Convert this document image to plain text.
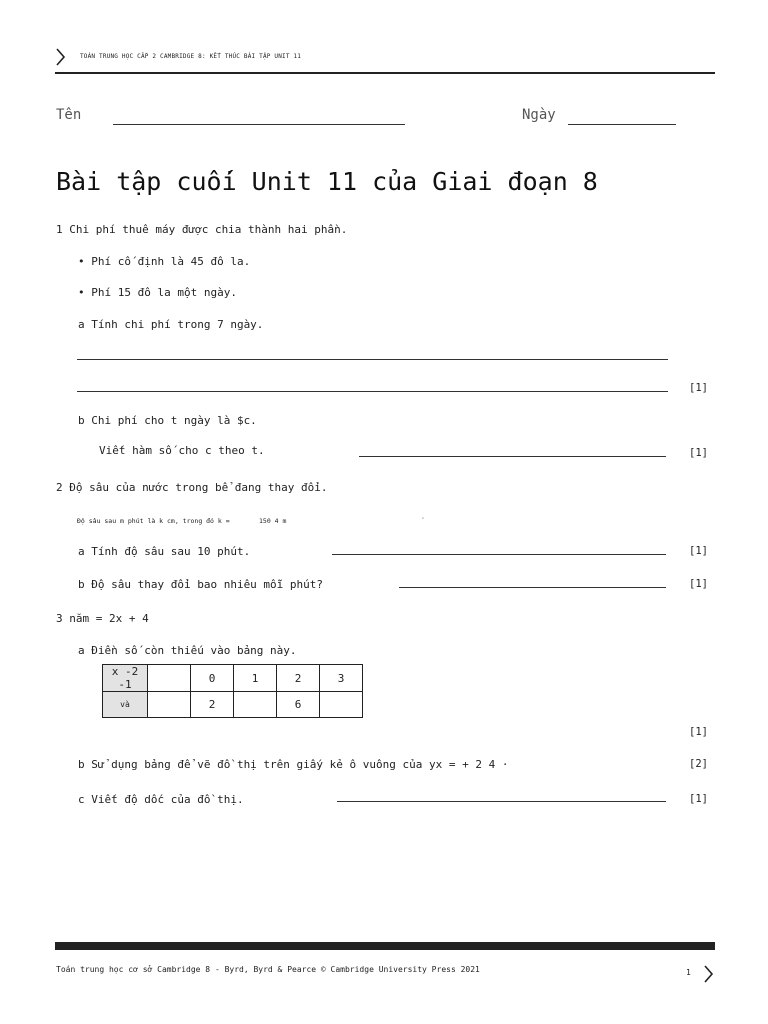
TOÁN TRUNG HỌC CẤP 2 CAMBRIDGE 8: KẾT THÚC BÀI TẬP UNIT 11
Tên	Ngày
Bài tập cuối Unit 11 của Giai đoạn 8
1 Chi phí thuê máy được chia thành hai phần.
• Phí cố định là 45 đô la.
• Phí 15 đô la một ngày.
a Tính chi phí trong 7 ngày.
[1]
b Chi phí cho t ngày là $c.
Viết hàm số cho c theo t.	[1]
2 Độ sâu của nước trong bể đang thay đổi.
Độ sâu sau m phút là k cm, trong đó k =	150 4 m	·
a Tính độ sâu sau 10 phút.	[1]
b Độ sâu thay đổi bao nhiêu mỗi phút?	[1]
3 năm = 2x + 4
a Điền số còn thiếu vào bảng này.
x -2 -1		0	1	2	3
và		2		6	
[1]
b Sử dụng bảng để vẽ đồ thị trên giấy kẻ ô vuông của yx = + 2 4 ·	[2]
c Viết độ dốc của đồ thị.	[1]
Toán trung học cơ sở Cambridge 8 - Byrd, Byrd & Pearce © Cambridge University Press 2021	1
